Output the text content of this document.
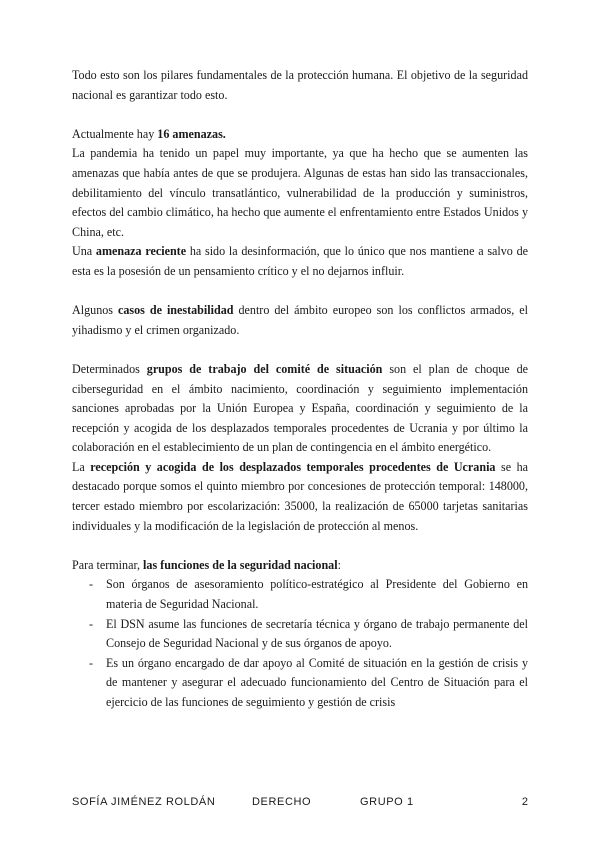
Todo esto son los pilares fundamentales de la protección humana. El objetivo de la seguridad nacional es garantizar todo esto.

Actualmente hay 16 amenazas.

La pandemia ha tenido un papel muy importante, ya que ha hecho que se aumenten las amenazas que había antes de que se produjera. Algunas de estas han sido las transaccionales, debilitamiento del vínculo transatlántico, vulnerabilidad de la producción y suministros, efectos del cambio climático, ha hecho que aumente el enfrentamiento entre Estados Unidos y China, etc.

Una amenaza reciente ha sido la desinformación, que lo único que nos mantiene a salvo de esta es la posesión de un pensamiento crítico y el no dejarnos influir.

Algunos casos de inestabilidad dentro del ámbito europeo son los conflictos armados, el yihadismo y el crimen organizado.

Determinados grupos de trabajo del comité de situación son el plan de choque de ciberseguridad en el ámbito nacimiento, coordinación y seguimiento implementación sanciones aprobadas por la Unión Europea y España, coordinación y seguimiento de la recepción y acogida de los desplazados temporales procedentes de Ucrania y por último la colaboración en el establecimiento de un plan de contingencia en el ámbito energético.

La recepción y acogida de los desplazados temporales procedentes de Ucrania se ha destacado porque somos el quinto miembro por concesiones de protección temporal: 148000, tercer estado miembro por escolarización: 35000, la realización de 65000 tarjetas sanitarias individuales y la modificación de la legislación de protección al menos.

Para terminar, las funciones de la seguridad nacional:

- Son órganos de asesoramiento político-estratégico al Presidente del Gobierno en materia de Seguridad Nacional.
- El DSN asume las funciones de secretaría técnica y órgano de trabajo permanente del Consejo de Seguridad Nacional y de sus órganos de apoyo.
- Es un órgano encargado de dar apoyo al Comité de situación en la gestión de crisis y de mantener y asegurar el adecuado funcionamiento del Centro de Situación para el ejercicio de las funciones de seguimiento y gestión de crisis
SOFÍA JIMÉNEZ ROLDÁN	DERECHO	GRUPO 1	2
